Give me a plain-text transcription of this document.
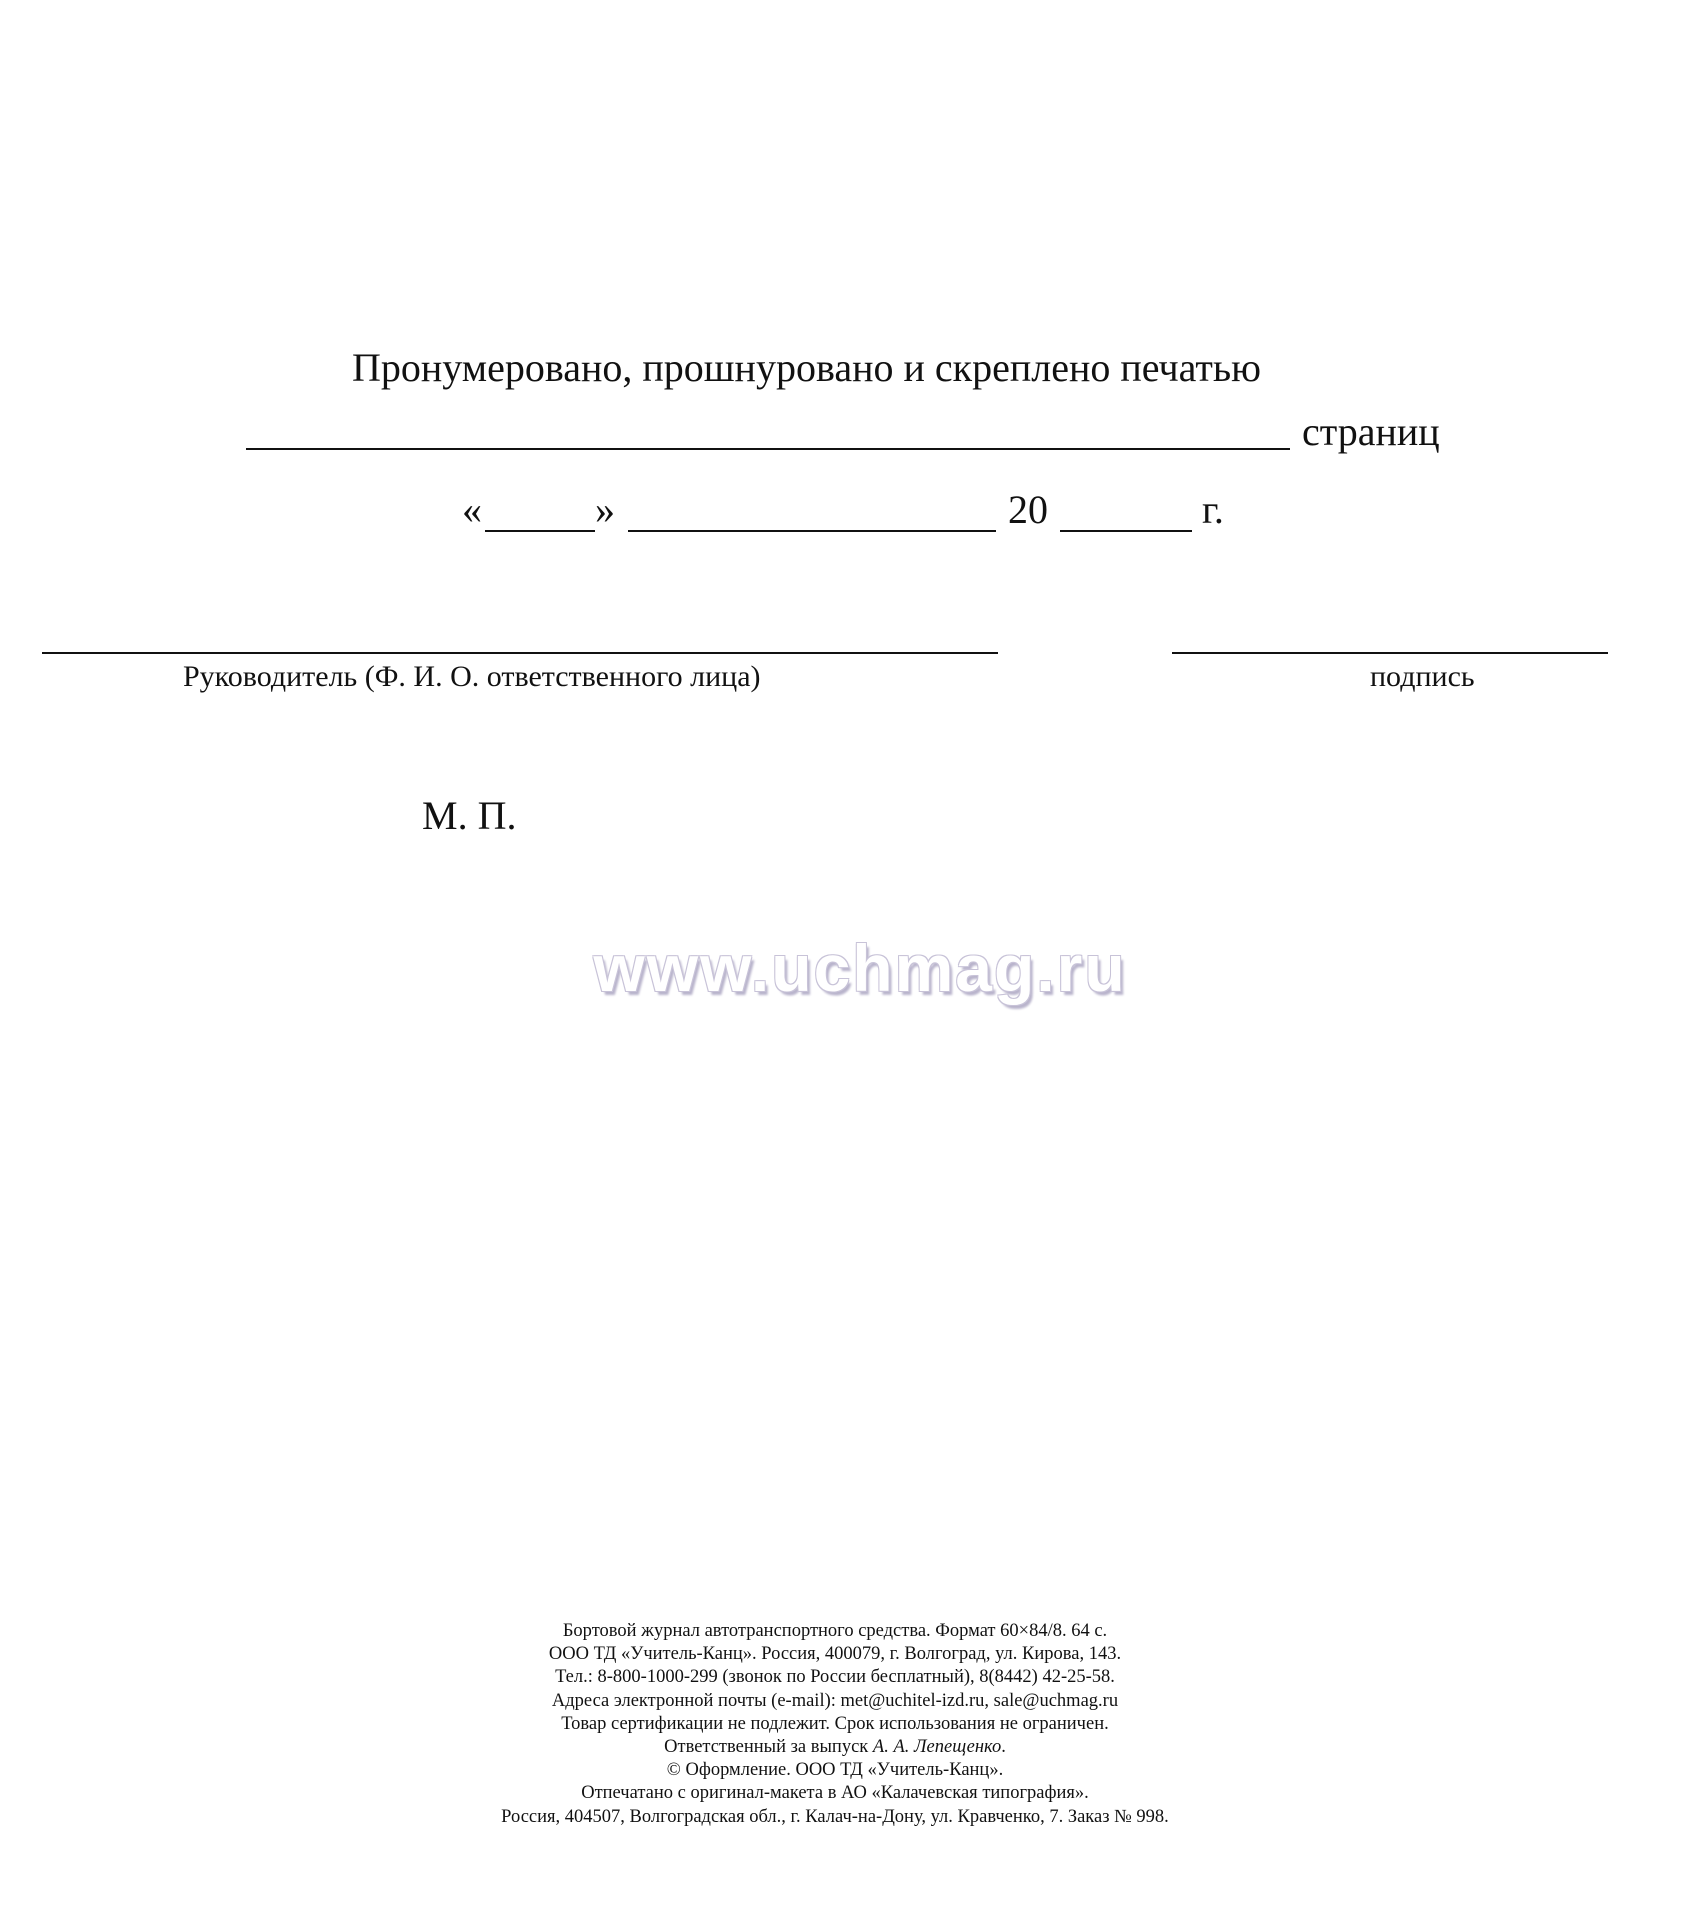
Пронумеровано, прошнуровано и скреплено печатью
страниц
«	»	20	г.
Руководитель (Ф. И. О. ответственного лица)	подпись
М. П.
www.uchmag.ru
Бортовой журнал автотранспортного средства. Формат 60×84/8. 64 с.
ООО ТД «Учитель-Канц». Россия, 400079, г. Волгоград, ул. Кирова, 143.
Тел.: 8-800-1000-299 (звонок по России бесплатный), 8(8442) 42-25-58.
Адреса электронной почты (e-mail): met@uchitel-izd.ru, sale@uchmag.ru
Товар сертификации не подлежит. Срок использования не ограничен.
Ответственный за выпуск А. А. Лепещенко.
© Оформление. ООО ТД «Учитель-Канц».
Отпечатано с оригинал-макета в АО «Калачевская типография».
Россия, 404507, Волгоградская обл., г. Калач-на-Дону, ул. Кравченко, 7. Заказ № 998.
